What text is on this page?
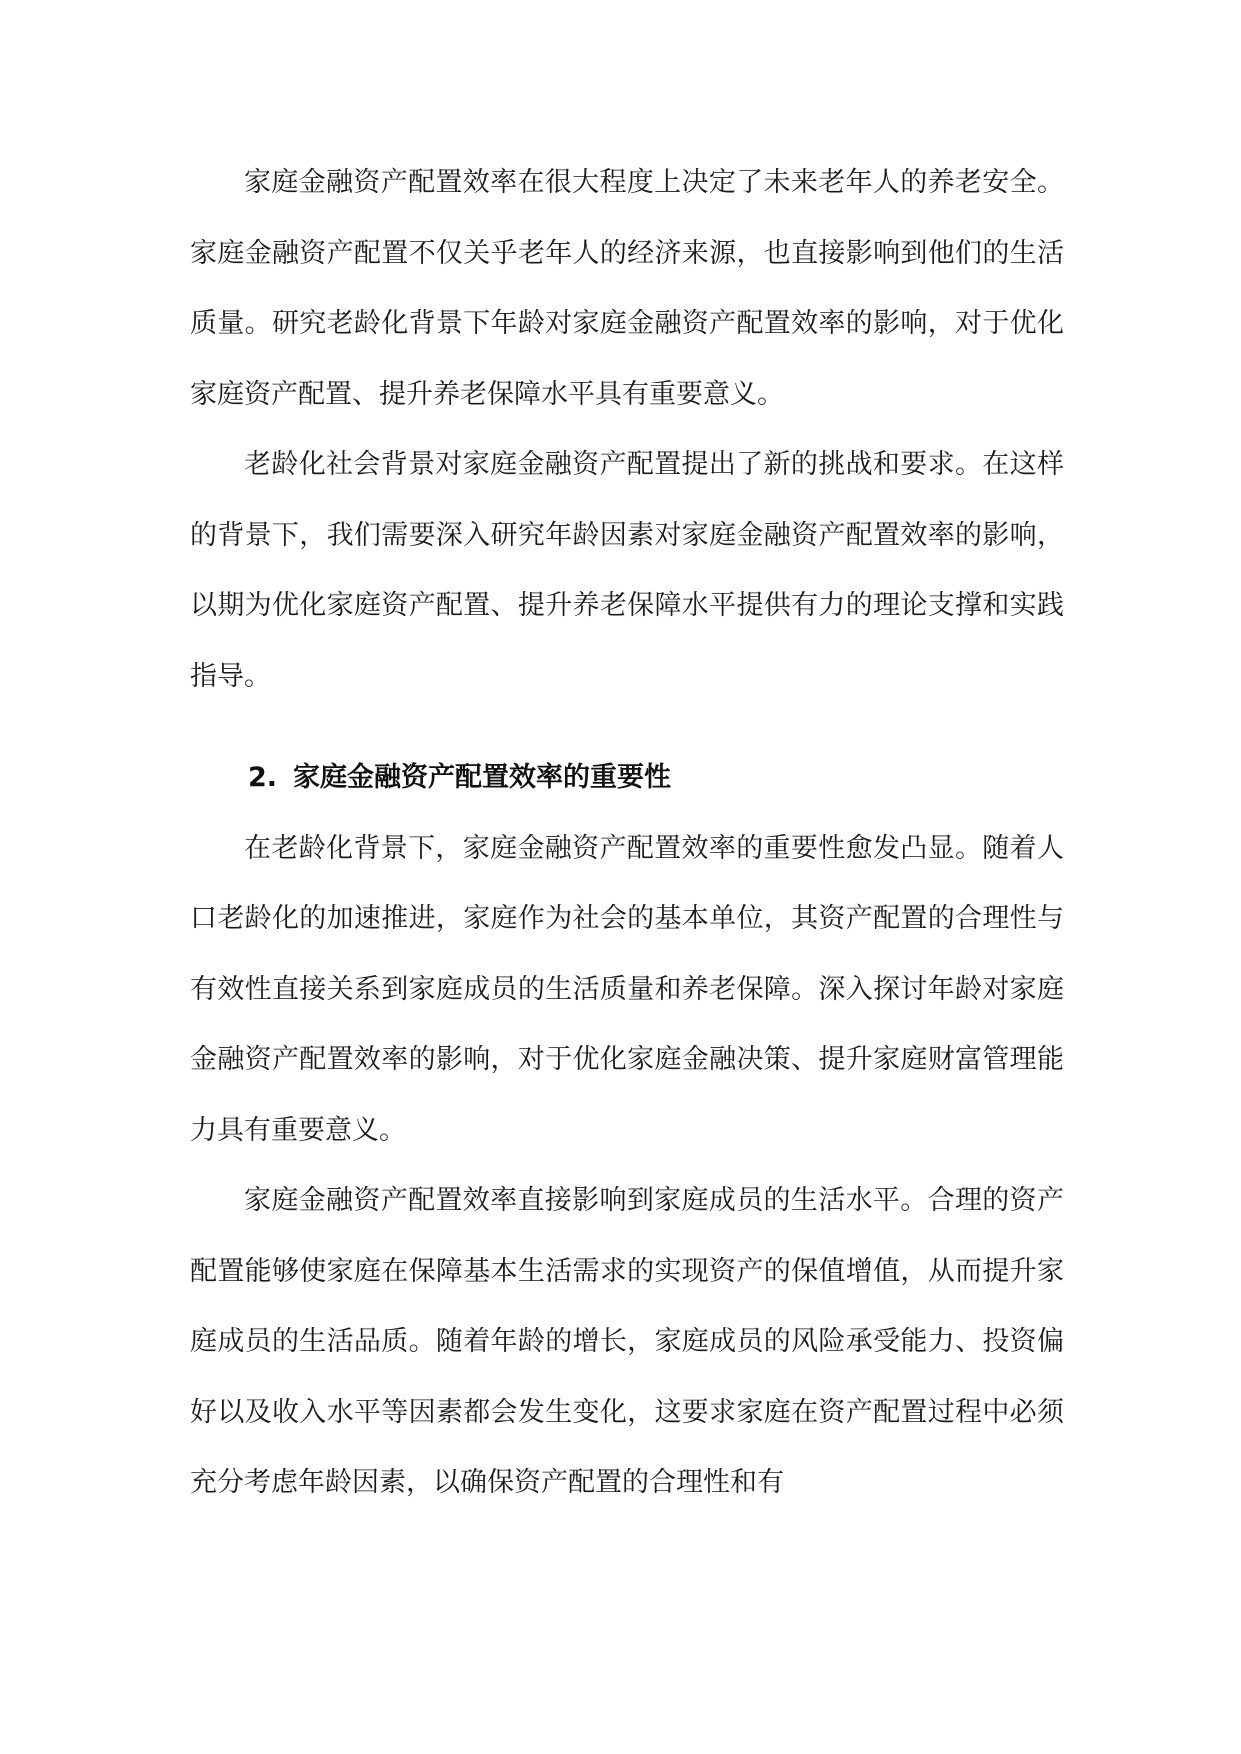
家庭金融资产配置效率在很大程度上决定了未来老年人的养老安全。家庭金融资产配置不仅关乎老年人的经济来源，也直接影响到他们的生活质量。研究老龄化背景下年龄对家庭金融资产配置效率的影响，对于优化家庭资产配置、提升养老保障水平具有重要意义。

老龄化社会背景对家庭金融资产配置提出了新的挑战和要求。在这样的背景下，我们需要深入研究年龄因素对家庭金融资产配置效率的影响，以期为优化家庭资产配置、提升养老保障水平提供有力的理论支撑和实践指导。

2. 家庭金融资产配置效率的重要性

在老龄化背景下，家庭金融资产配置效率的重要性愈发凸显。随着人口老龄化的加速推进，家庭作为社会的基本单位，其资产配置的合理性与有效性直接关系到家庭成员的生活质量和养老保障。深入探讨年龄对家庭金融资产配置效率的影响，对于优化家庭金融决策、提升家庭财富管理能力具有重要意义。

家庭金融资产配置效率直接影响到家庭成员的生活水平。合理的资产配置能够使家庭在保障基本生活需求的实现资产的保值增值，从而提升家庭成员的生活品质。随着年龄的增长，家庭成员的风险承受能力、投资偏好以及收入水平等因素都会发生变化，这要求家庭在资产配置过程中必须充分考虑年龄因素，以确保资产配置的合理性和有
